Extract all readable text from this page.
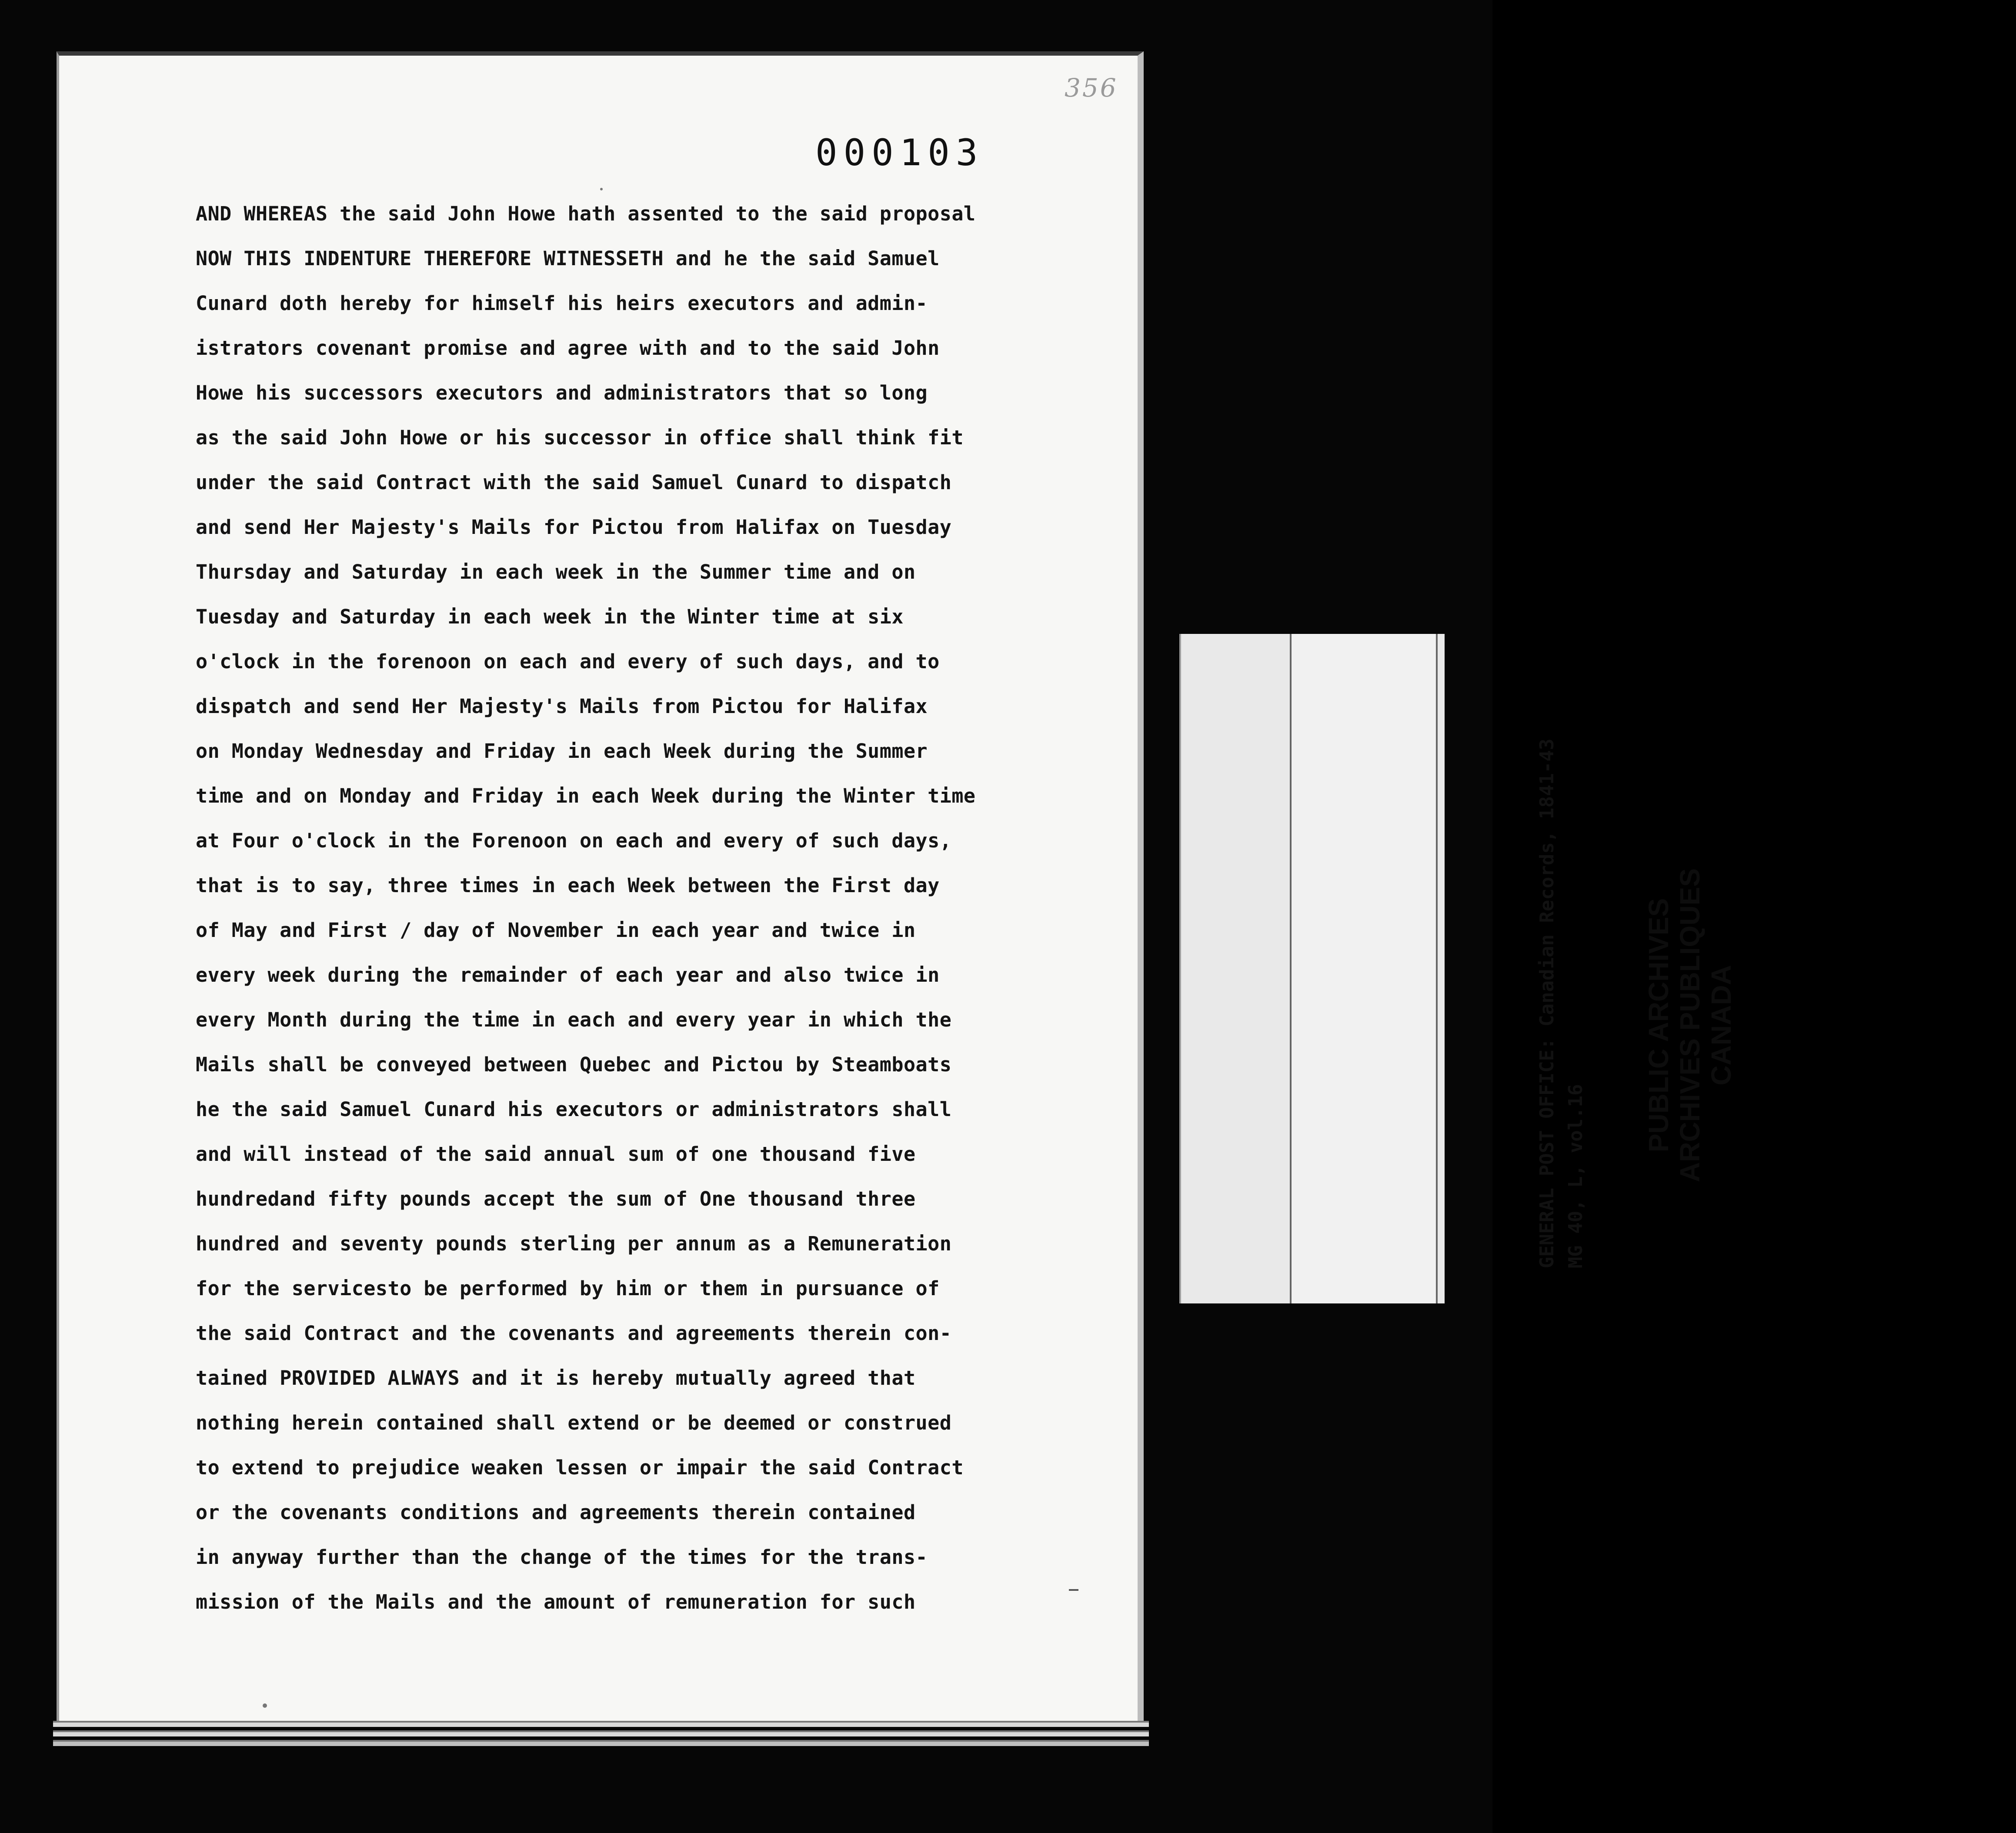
356
000103
AND WHEREAS the said John Howe hath assented to the said proposal
NOW THIS INDENTURE THEREFORE WITNESSETH and he the said Samuel
Cunard doth hereby for himself his heirs executors and admin-
istrators covenant promise and agree with and to the said John
Howe his successors executors and administrators that so long
as the said John Howe or his successor in office shall think fit
under the said Contract with the said Samuel Cunard to dispatch
and send Her Majesty's Mails for Pictou from Halifax on Tuesday
Thursday and Saturday in each week in the Summer time and on
Tuesday and Saturday in each week in the Winter time at six
o'clock in the forenoon on each and every of such days, and to
dispatch and send Her Majesty's Mails from Pictou for Halifax
on Monday Wednesday and Friday in each Week during the Summer
time and on Monday and Friday in each Week during the Winter time
at Four o'clock in the Forenoon on each and every of such days,
that is to say, three times in each Week between the First day
of May and First / day of November in each year and twice in
every week during the remainder of each year and also twice in
every Month during the time in each and every year in which the
Mails shall be conveyed between Quebec and Pictou by Steamboats
he the said Samuel Cunard his executors or administrators shall
and will instead of the said annual sum of one thousand five
hundredand fifty pounds accept the sum of One thousand three
hundred and seventy pounds sterling per annum as a Remuneration
for the servicesto be performed by him or them in pursuance of
the said Contract and the covenants and agreements therein con-
tained PROVIDED ALWAYS and it is hereby mutually agreed that
nothing herein contained shall extend or be deemed or construed
to extend to prejudice weaken lessen or impair the said Contract
or the covenants conditions and agreements therein contained
in anyway further than the change of the times for the trans-
mission of the Mails and the amount of remuneration for such
GENERAL POST OFFICE: Canadian Records, 1841-43 MG 40, L, vol.16
PUBLIC ARCHIVES ARCHIVES PUBLIQUES CANADA
